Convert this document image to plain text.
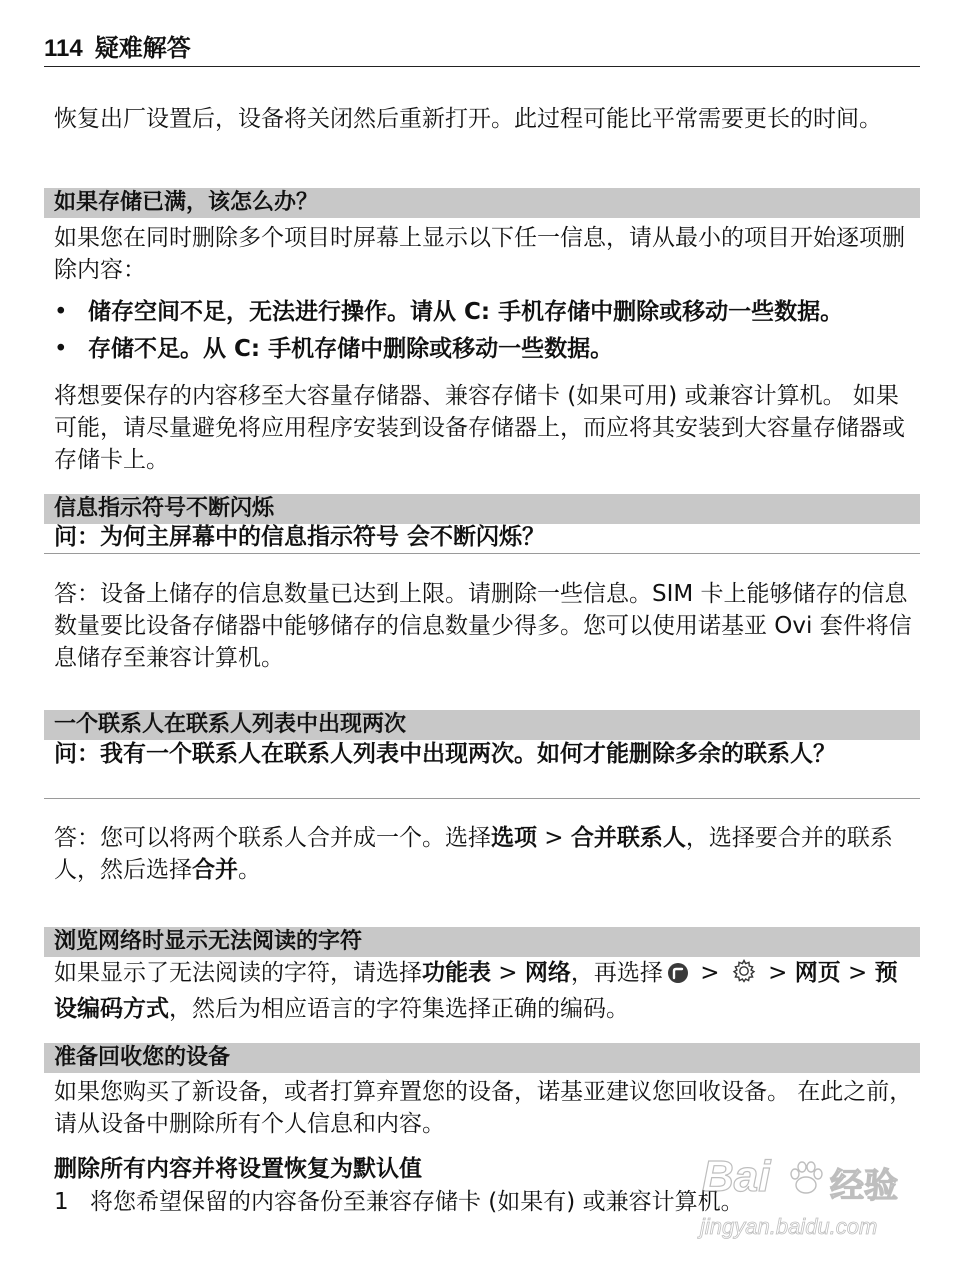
114 疑难解答

恢复出厂设置后，设备将关闭然后重新打开。此过程可能比平常需要更长的时间。

如果存储已满，该怎么办？

如果您在同时删除多个项目时屏幕上显示以下任一信息，请从最小的项目开始逐项删除内容：

• 储存空间不足，无法进行操作。请从 C: 手机存储中删除或移动一些数据。
• 存储不足。从 C: 手机存储中删除或移动一些数据。

将想要保存的内容移至大容量存储器、兼容存储卡 (如果可用) 或兼容计算机。 如果可能，请尽量避免将应用程序安装到设备存储器上，而应将其安装到大容量存储器或存储卡上。

信息指示符号不断闪烁

问：为何主屏幕中的信息指示符号 会不断闪烁？

答：设备上储存的信息数量已达到上限。请删除一些信息。SIM 卡上能够储存的信息数量要比设备存储器中能够储存的信息数量少得多。您可以使用诺基亚 Ovi 套件将信息储存至兼容计算机。

一个联系人在联系人列表中出现两次

问：我有一个联系人在联系人列表中出现两次。如何才能删除多余的联系人？

答：您可以将两个联系人合并成一个。选择选项 > 合并联系人，选择要合并的联系人，然后选择合并。

浏览网络时显示无法阅读的字符

如果显示了无法阅读的字符，请选择功能表 > 网络，再选择 >  > 网页 > 预设编码方式，然后为相应语言的字符集选择正确的编码。

准备回收您的设备

如果您购买了新设备，或者打算弃置您的设备，诺基亚建议您回收设备。 在此之前，请从设备中删除所有个人信息和内容。

删除所有内容并将设置恢复为默认值
1 将您希望保留的内容备份至兼容存储卡 (如果有) 或兼容计算机。
Bai 经验
jingyan.baidu.com
